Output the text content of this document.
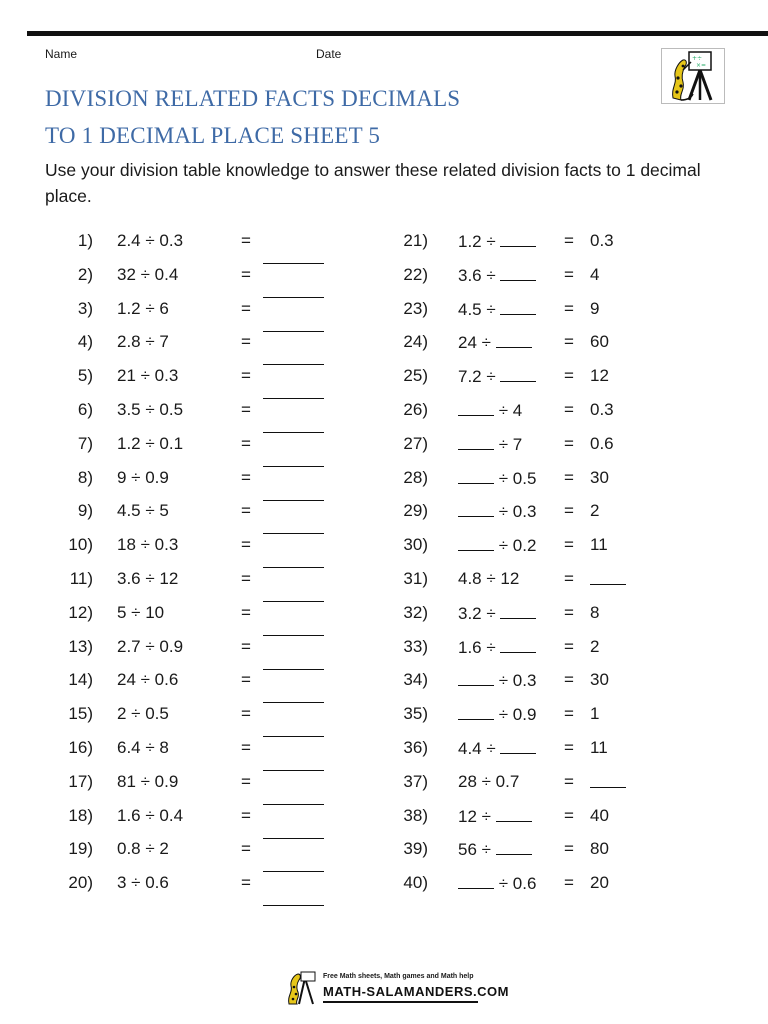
Name	Date	+÷
×=
DIVISION RELATED FACTS DECIMALS
TO 1 DECIMAL PLACE SHEET 5

Use your division table knowledge to answer these related division facts to 1 decimal place.

1) 2.4 ÷ 0.3	=
2) 32 ÷ 0.4	=
3) 1.2 ÷ 6	=
4) 2.8 ÷ 7	=
5) 21 ÷ 0.3	=
6) 3.5 ÷ 0.5	=
7) 1.2 ÷ 0.1	=
8) 9 ÷ 0.9	=
9) 4.5 ÷ 5	=
10) 18 ÷ 0.3	=
11) 3.6 ÷ 12	=
12) 5 ÷ 10	=
13) 2.7 ÷ 0.9	=
14) 24 ÷ 0.6	=
15) 2 ÷ 0.5	=
16) 6.4 ÷ 8	=
17) 81 ÷ 0.9	=
18) 1.6 ÷ 0.4	=
19) 0.8 ÷ 2	=
20) 3 ÷ 0.6	=
21) 1.2 ÷	= 0.3
22) 3.6 ÷	= 4
23) 4.5 ÷	= 9
24) 24 ÷	= 60
25) 7.2 ÷	= 12
26)	÷ 4 = 0.3
27)	÷ 7 = 0.6
28)	÷ 0.5 = 30
29)	÷ 0.3 = 2
30)	÷ 0.2 = 11
31) 4.8 ÷ 12	=
32) 3.2 ÷	= 8
33) 1.6 ÷	= 2
34)	÷ 0.3 = 30
35)	÷ 0.9 = 1
36) 4.4 ÷	= 11
37) 28 ÷ 0.7	=
38) 12 ÷	= 40
39) 56 ÷	= 80
40)	÷ 0.6 = 20
Free Math sheets, Math games and Math help
MATH-SALAMANDERS.COM
